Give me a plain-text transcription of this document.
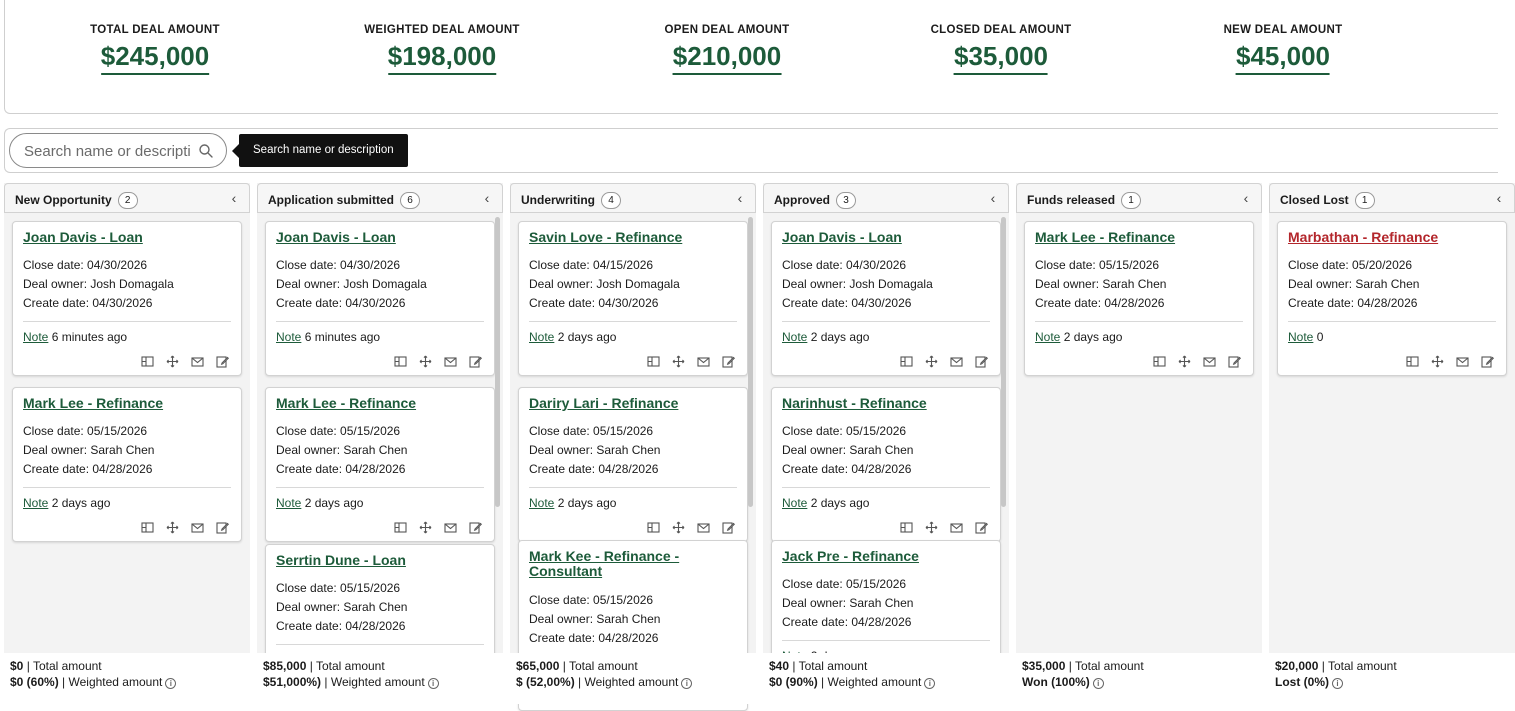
TOTAL DEAL AMOUNT
$245,000
WEIGHTED DEAL AMOUNT
$198,000
OPEN DEAL AMOUNT
$210,000
CLOSED DEAL AMOUNT
$35,000
NEW DEAL AMOUNT
$45,000
Search name or description
Search name or description
New Opportunity 2	‹
Joan Davis - Loan
Close date: 04/30/2026
Deal owner: Josh Domagala
Create date: 04/30/2026
Note 6 minutes ago
Mark Lee - Refinance
Close date: 05/15/2026
Deal owner: Sarah Chen
Create date: 04/28/2026
Note 2 days ago
$0 | Total amount
$0 (60%) | Weighted amount i
Application submitted 6	‹
Joan Davis - Loan
Close date: 04/30/2026
Deal owner: Josh Domagala
Create date: 04/30/2026
Note 6 minutes ago
Mark Lee - Refinance
Close date: 05/15/2026
Deal owner: Sarah Chen
Create date: 04/28/2026
Note 2 days ago
Serrtin Dune - Loan
Close date: 05/15/2026
Deal owner: Sarah Chen
Create date: 04/28/2026
$85,000 | Total amount
$51,000%) | Weighted amount i
Underwriting 4	‹
Savin Love - Refinance
Close date: 04/15/2026
Deal owner: Josh Domagala
Create date: 04/30/2026
Note 2 days ago
Dariry Lari - Refinance
Close date: 05/15/2026
Deal owner: Sarah Chen
Create date: 04/28/2026
Note 2 days ago
Mark Kee - Refinance - Consultant
Close date: 05/15/2026
Deal owner: Sarah Chen
Create date: 04/28/2026
$65,000 | Total amount
$ (52,00%) | Weighted amount i
Approved 3	‹
Joan Davis - Loan
Close date: 04/30/2026
Deal owner: Josh Domagala
Create date: 04/30/2026
Note 2 days ago
Narinhust - Refinance
Close date: 05/15/2026
Deal owner: Sarah Chen
Create date: 04/28/2026
Note 2 days ago
Jack Pre - Refinance
Close date: 05/15/2026
Deal owner: Sarah Chen
Create date: 04/28/2026
$40 | Total amount
$0 (90%) | Weighted amount i
Funds released 1	‹
Mark Lee - Refinance
Close date: 05/15/2026
Deal owner: Sarah Chen
Create date: 04/28/2026
Note 2 days ago
$35,000 | Total amount
Won (100%) i
Closed Lost 1	‹
Marbathan - Refinance
Close date: 05/20/2026
Deal owner: Sarah Chen
Create date: 04/28/2026
Note 0
$20,000 | Total amount
Lost (0%) i
